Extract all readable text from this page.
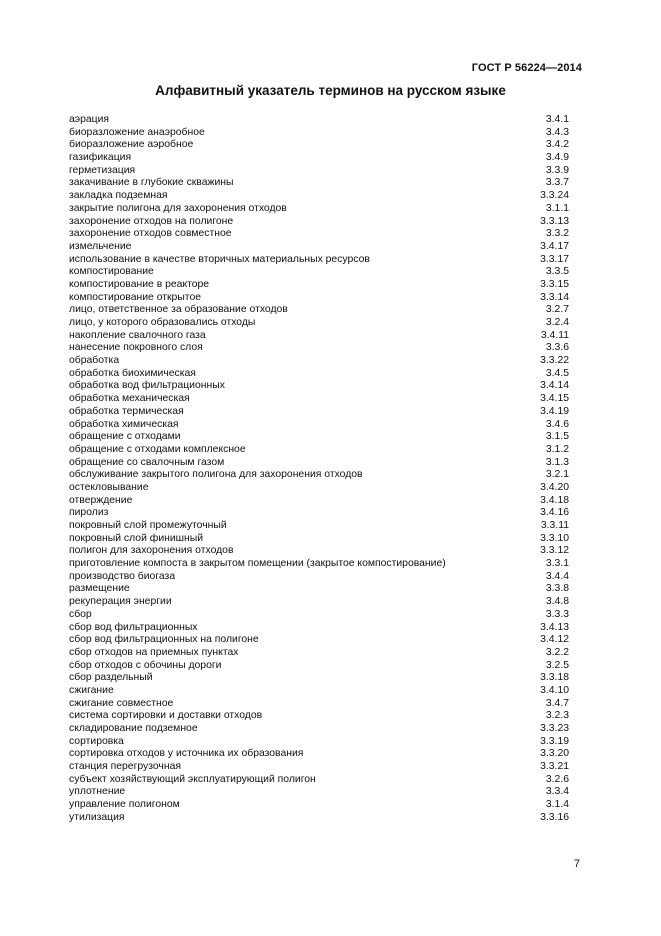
ГОСТ Р 56224—2014
Алфавитный указатель терминов на русском языке
аэрация	3.4.1
биоразложение анаэробное	3.4.3
биоразложение аэробное	3.4.2
газификация	3.4.9
герметизация	3.3.9
закачивание в глубокие скважины	3.3.7
закладка подземная	3.3.24
закрытие полигона для захоронения отходов	3.1.1
захоронение отходов на полигоне	3.3.13
захоронение отходов совместное	3.3.2
измельчение	3.4.17
использование в качестве вторичных материальных ресурсов	3.3.17
компостирование	3.3.5
компостирование в реакторе	3.3.15
компостирование открытое	3.3.14
лицо, ответственное за образование отходов	3.2.7
лицо, у которого образовались отходы	3.2.4
накопление свалочного газа	3.4.11
нанесение покровного слоя	3.3.6
обработка	3.3.22
обработка биохимическая	3.4.5
обработка вод фильтрационных	3.4.14
обработка механическая	3.4.15
обработка термическая	3.4.19
обработка химическая	3.4.6
обращение с отходами	3.1.5
обращение с отходами комплексное	3.1.2
обращение со свалочным газом	3.1.3
обслуживание закрытого полигона для захоронения отходов	3.2.1
остекловывание	3.4.20
отверждение	3.4.18
пиролиз	3.4.16
покровный слой промежуточный	3.3.11
покровный слой финишный	3.3.10
полигон для захоронения отходов	3.3.12
приготовление компоста в закрытом помещении (закрытое компостирование)	3.3.1
производство биогаза	3.4.4
размещение	3.3.8
рекуперация энергии	3.4.8
сбор	3.3.3
сбор вод фильтрационных	3.4.13
сбор вод фильтрационных на полигоне	3.4.12
сбор отходов на приемных пунктах	3.2.2
сбор отходов с обочины дороги	3.2.5
сбор раздельный	3.3.18
сжигание	3.4.10
сжигание совместное	3.4.7
система сортировки и доставки отходов	3.2.3
складирование подземное	3.3.23
сортировка	3.3.19
сортировка отходов у источника их образования	3.3.20
станция перегрузочная	3.3.21
субъект хозяйствующий эксплуатирующий полигон	3.2.6
уплотнение	3.3.4
управление полигоном	3.1.4
утилизация	3.3.16
7
